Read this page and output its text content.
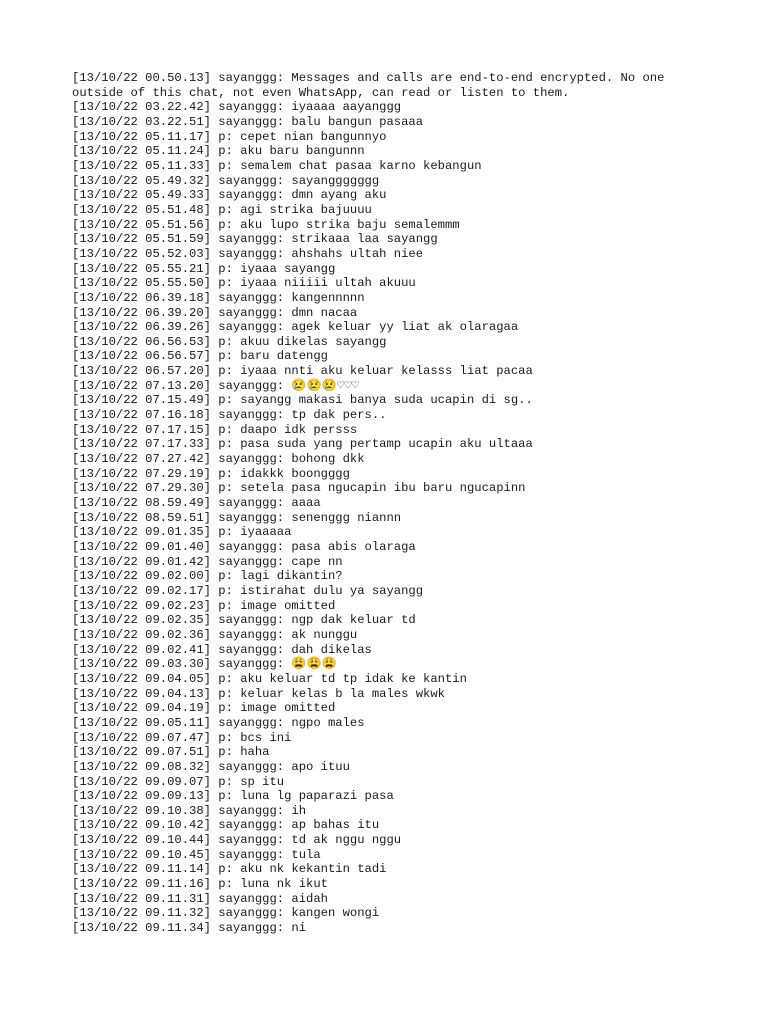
[13/10/22 00.50.13] sayanggg: Messages and calls are end-to-end encrypted. No one outside of this chat, not even WhatsApp, can read or listen to them.
[13/10/22 03.22.42] sayanggg: iyaaaa aayanggg
[13/10/22 03.22.51] sayanggg: balu bangun pasaaa
[13/10/22 05.11.17] p: cepet nian bangunnyo
[13/10/22 05.11.24] p: aku baru bangunnn
[13/10/22 05.11.33] p: semalem chat pasaa karno kebangun
[13/10/22 05.49.32] sayanggg: sayanggggggg
[13/10/22 05.49.33] sayanggg: dmn ayang aku
[13/10/22 05.51.48] p: agi strika bajuuuu
[13/10/22 05.51.56] p: aku lupo strika baju semalemmm
[13/10/22 05.51.59] sayanggg: strikaaa laa sayangg
[13/10/22 05.52.03] sayanggg: ahshahs ultah niee
[13/10/22 05.55.21] p: iyaaa sayangg
[13/10/22 05.55.50] p: iyaaa niiiii ultah akuuu
[13/10/22 06.39.18] sayanggg: kangennnnn
[13/10/22 06.39.20] sayanggg: dmn nacaa
[13/10/22 06.39.26] sayanggg: agek keluar yy liat ak olaragaa
[13/10/22 06.56.53] p: akuu dikelas sayangg
[13/10/22 06.56.57] p: baru datengg
[13/10/22 06.57.20] p: iyaaa nnti aku keluar kelasss liat pacaa
[13/10/22 07.13.20] sayanggg: 😢😢😢♡♡♡
[13/10/22 07.15.49] p: sayangg makasi banya suda ucapin di sg..
[13/10/22 07.16.18] sayanggg: tp dak pers..
[13/10/22 07.17.15] p: daapo idk persss
[13/10/22 07.17.33] p: pasa suda yang pertamp ucapin aku ultaaa
[13/10/22 07.27.42] sayanggg: bohong dkk
[13/10/22 07.29.19] p: idakkk boongggg
[13/10/22 07.29.30] p: setela pasa ngucapin ibu baru ngucapinn
[13/10/22 08.59.49] sayanggg: aaaa
[13/10/22 08.59.51] sayanggg: senenggg niannn
[13/10/22 09.01.35] p: iyaaaaa
[13/10/22 09.01.40] sayanggg: pasa abis olaraga
[13/10/22 09.01.42] sayanggg: cape nn
[13/10/22 09.02.00] p: lagi dikantin?
[13/10/22 09.02.17] p: istirahat dulu ya sayangg
[13/10/22 09.02.23] p: image omitted
[13/10/22 09.02.35] sayanggg: ngp dak keluar td
[13/10/22 09.02.36] sayanggg: ak nunggu
[13/10/22 09.02.41] sayanggg: dah dikelas
[13/10/22 09.03.30] sayanggg: 😩😩😩
[13/10/22 09.04.05] p: aku keluar td tp idak ke kantin
[13/10/22 09.04.13] p: keluar kelas b la males wkwk
[13/10/22 09.04.19] p: image omitted
[13/10/22 09.05.11] sayanggg: ngpo males
[13/10/22 09.07.47] p: bcs ini
[13/10/22 09.07.51] p: haha
[13/10/22 09.08.32] sayanggg: apo ituu
[13/10/22 09.09.07] p: sp itu
[13/10/22 09.09.13] p: luna lg paparazi pasa
[13/10/22 09.10.38] sayanggg: ih
[13/10/22 09.10.42] sayanggg: ap bahas itu
[13/10/22 09.10.44] sayanggg: td ak nggu nggu
[13/10/22 09.10.45] sayanggg: tula
[13/10/22 09.11.14] p: aku nk kekantin tadi
[13/10/22 09.11.16] p: luna nk ikut
[13/10/22 09.11.31] sayanggg: aidah
[13/10/22 09.11.32] sayanggg: kangen wongi
[13/10/22 09.11.34] sayanggg: ni
